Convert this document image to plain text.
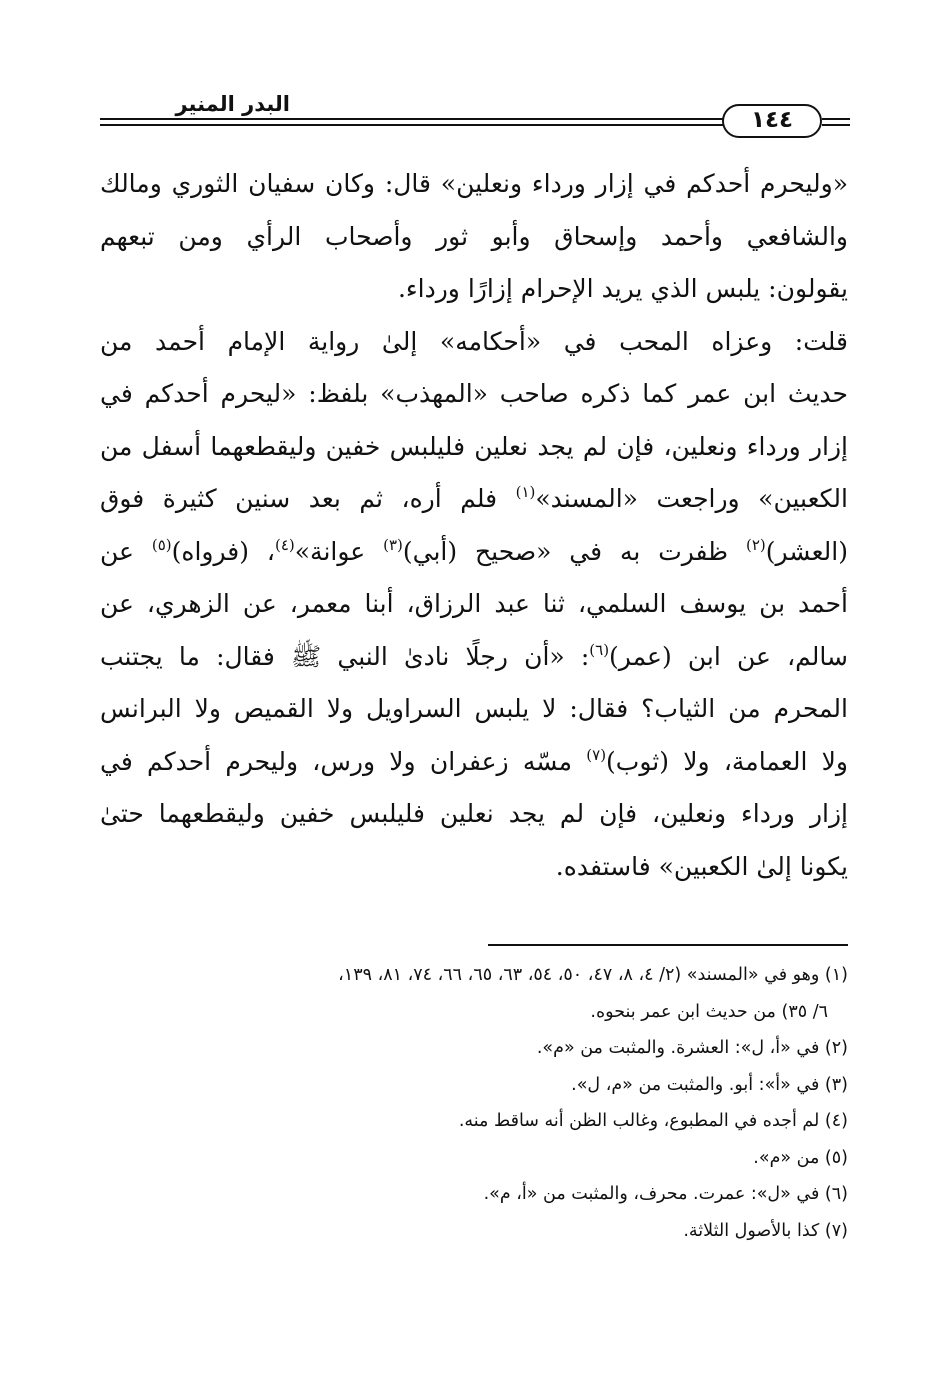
البدر المنير
١٤٤
«وليحرم أحدكم في إزار ورداء ونعلين» قال: وكان سفيان الثوري ومالك
والشافعي وأحمد وإسحاق وأبو ثور وأصحاب الرأي ومن تبعهم
يقولون: يلبس الذي يريد الإحرام إزارًا ورداء.
قلت: وعزاه المحب في «أحكامه» إلىٰ رواية الإمام أحمد من
حديث ابن عمر كما ذكره صاحب «المهذب» بلفظ: «ليحرم أحدكم في
إزار ورداء ونعلين، فإن لم يجد نعلين فليلبس خفين وليقطعهما أسفل من
الكعبين» وراجعت «المسند»$^{(١)}$ فلم أره، ثم بعد سنين كثيرة فوق
(العشر)$^{(٢)}$ ظفرت به في «صحيح (أبي)$^{(٣)}$ عوانة»$^{(٤)}$، (فرواه)$^{(٥)}$ عن
أحمد بن يوسف السلمي، ثنا عبد الرزاق، أبنا معمر، عن الزهري، عن
سالم، عن ابن (عمر)$^{(٦)}$: «أن رجلًا نادىٰ النبي ﷺ فقال: ما يجتنب
المحرم من الثياب؟ فقال: لا يلبس السراويل ولا القميص ولا البرانس
ولا العمامة، ولا (ثوب)$^{(٧)}$ مسّه زعفران ولا ورس، وليحرم أحدكم في
إزار ورداء ونعلين، فإن لم يجد نعلين فليلبس خفين وليقطعهما حتىٰ
يكونا إلىٰ الكعبين» فاستفده.
(١) وهو في «المسند» (٢/ ٤، ٨، ٤٧، ٥٠، ٥٤، ٦٣، ٦٥، ٦٦، ٧٤، ٨١، ١٣٩،
٦/ ٣٥) من حديث ابن عمر بنحوه.
(٢) في «أ، ل»: العشرة. والمثبت من «م».
(٣) في «أ»: أبو. والمثبت من «م، ل».
(٤) لم أجده في المطبوع، وغالب الظن أنه ساقط منه.
(٥) من «م».
(٦) في «ل»: عمرت. محرف، والمثبت من «أ، م».
(٧) كذا بالأصول الثلاثة.
